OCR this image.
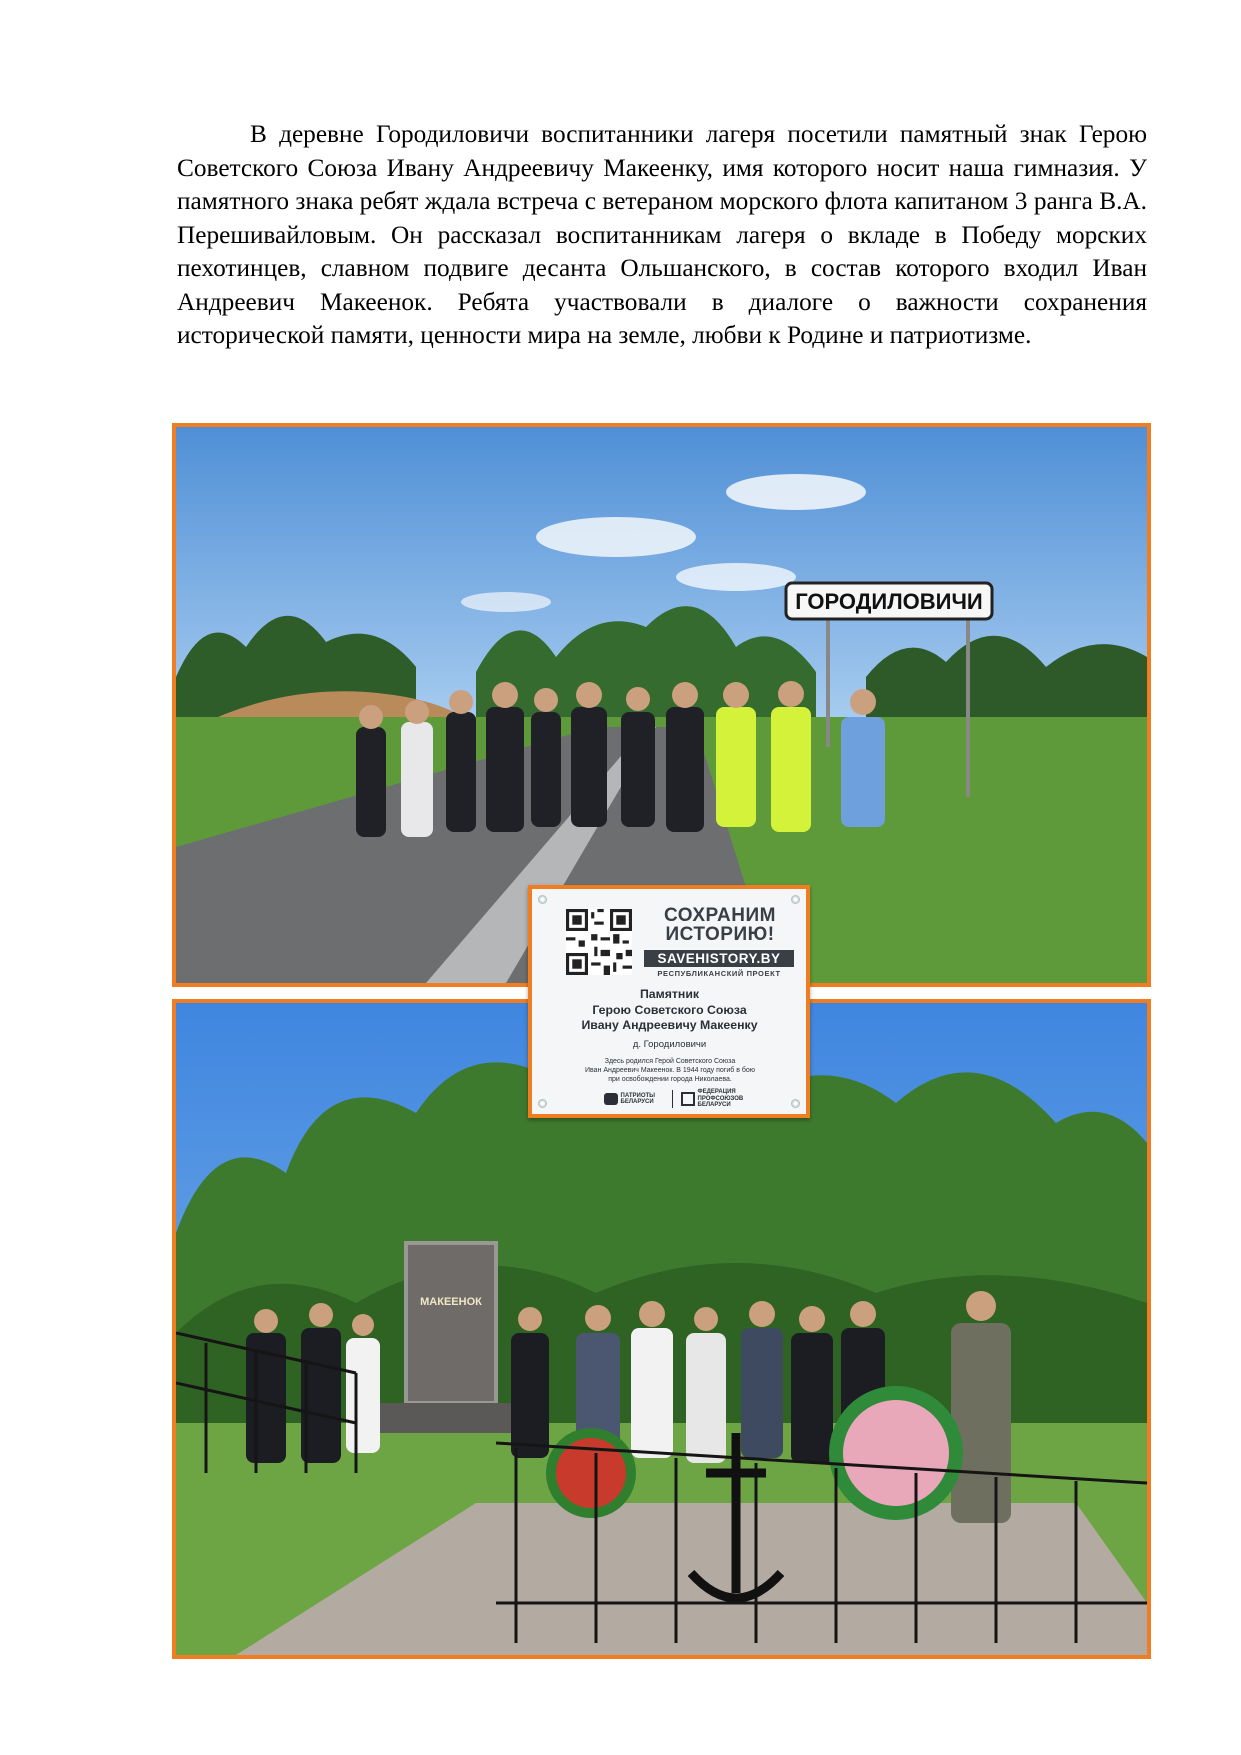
В деревне Городиловичи воспитанники лагеря посетили памятный знак Герою Советского Союза Ивану Андреевичу Макеенку, имя которого носит наша гимназия. У памятного знака ребят ждала встреча с ветераном морского флота капитаном 3 ранга В.А. Перешивайловым. Он рассказал воспитанникам лагеря о вкладе в Победу морских пехотинцев, славном подвиге десанта Ольшанского, в состав которого входил Иван Андреевич Макеенок. Ребята участвовали в диалоге о важности сохранения исторической памяти, ценности мира на земле, любви к Родине и патриотизме.

ГОРОДИЛОВИЧИ
МАКЕЕНОК
СОХРАНИМ
ИСТОРИЮ!
SAVEHISTORY.BY
РЕСПУБЛИКАНСКИЙ ПРОЕКТ
Памятник
Герою Советского Союза
Ивану Андреевичу Макеенку
д. Городиловичи
Здесь родился Герой Советского Союза
Иван Андреевич Макеенок. В 1944 году погиб в бою
при освобождении города Николаева.
ПАТРИОТЫ БЕЛАРУСИ
ФЕДЕРАЦИЯ ПРОФСОЮЗОВ БЕЛАРУСИ
